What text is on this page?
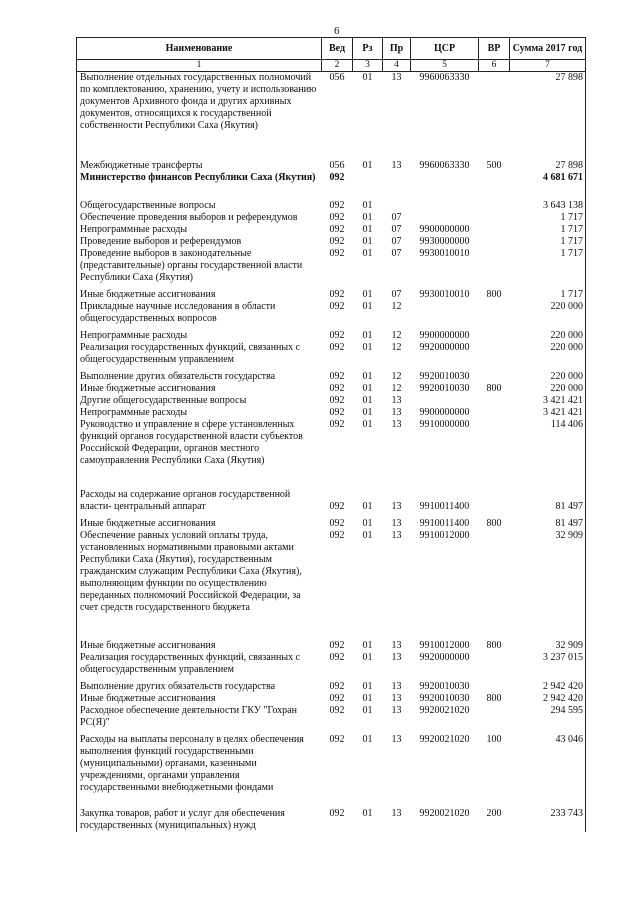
6
Наименование	Вед	Рз	Пр	ЦСР	ВР	Сумма 2017 год
1	2	3	4	5	6	7
Выполнение отдельных государственных полномочий по комплектованию, хранению, учету и использованию документов Архивного фонда и других архивных документов, относящихся к государственной собственности Республики Саха (Якутия)	056	01	13	9960063330		27 898

Межбюджетные трансферты	056	01	13	9960063330	500	27 898
Министерство финансов Республики Саха (Якутия)	092					4 681 671

Общегосударственные вопросы	092	01				3 643 138
Обеспечение проведения выборов и референдумов	092	01	07			1 717
Непрограммные расходы	092	01	07	9900000000		1 717
Проведение выборов и референдумов	092	01	07	9930000000		1 717
Проведение выборов в законодательные (представительные) органы государственной власти Республики Саха (Якутия)	092	01	07	9930010010		1 717

Иные бюджетные ассигнования	092	01	07	9930010010	800	1 717
Прикладные научные исследования в области общегосударственных вопросов	092	01	12			220 000

Непрограммные расходы	092	01	12	9900000000		220 000
Реализация государственных функций, связанных с общегосударственным управлением	092	01	12	9920000000		220 000

Выполнение других обязательств государства	092	01	12	9920010030		220 000
Иные бюджетные ассигнования	092	01	12	9920010030	800	220 000
Другие общегосударственные вопросы	092	01	13			3 421 421
Непрограммные расходы	092	01	13	9900000000		3 421 421
Руководство и управление в сфере установленных функций органов государственной власти субъектов Российской Федерации, органов местного самоуправления Республики Саха (Якутия)	092	01	13	9910000000		114 406

Расходы на содержание органов государственной власти- центральный аппарат	092	01	13	9910011400		81 497

Иные бюджетные ассигнования	092	01	13	9910011400	800	81 497
Обеспечение равных условий оплаты труда, установленных нормативными правовыми актами Республики Саха (Якутия), государственным гражданским служащим Республики Саха (Якутия), выполняющим функции по осуществлению переданных полномочий Российской Федерации, за счет средств государственного бюджета	092	01	13	9910012000		32 909

Иные бюджетные ассигнования	092	01	13	9910012000	800	32 909
Реализация государственных функций, связанных с общегосударственным управлением	092	01	13	9920000000		3 237 015

Выполнение других обязательств государства	092	01	13	9920010030		2 942 420
Иные бюджетные ассигнования	092	01	13	9920010030	800	2 942 420
Расходное обеспечение деятельности ГКУ "Гохран РС(Я)"	092	01	13	9920021020		294 595

Расходы на выплаты персоналу в целях обеспечения выполнения функций государственными (муниципальными) органами, казенными учреждениями, органами управления государственными внебюджетными фондами	092	01	13	9920021020	100	43 046

Закупка товаров, работ и услуг для обеспечения государственных (муниципальных) нужд	092	01	13	9920021020	200	233 743
